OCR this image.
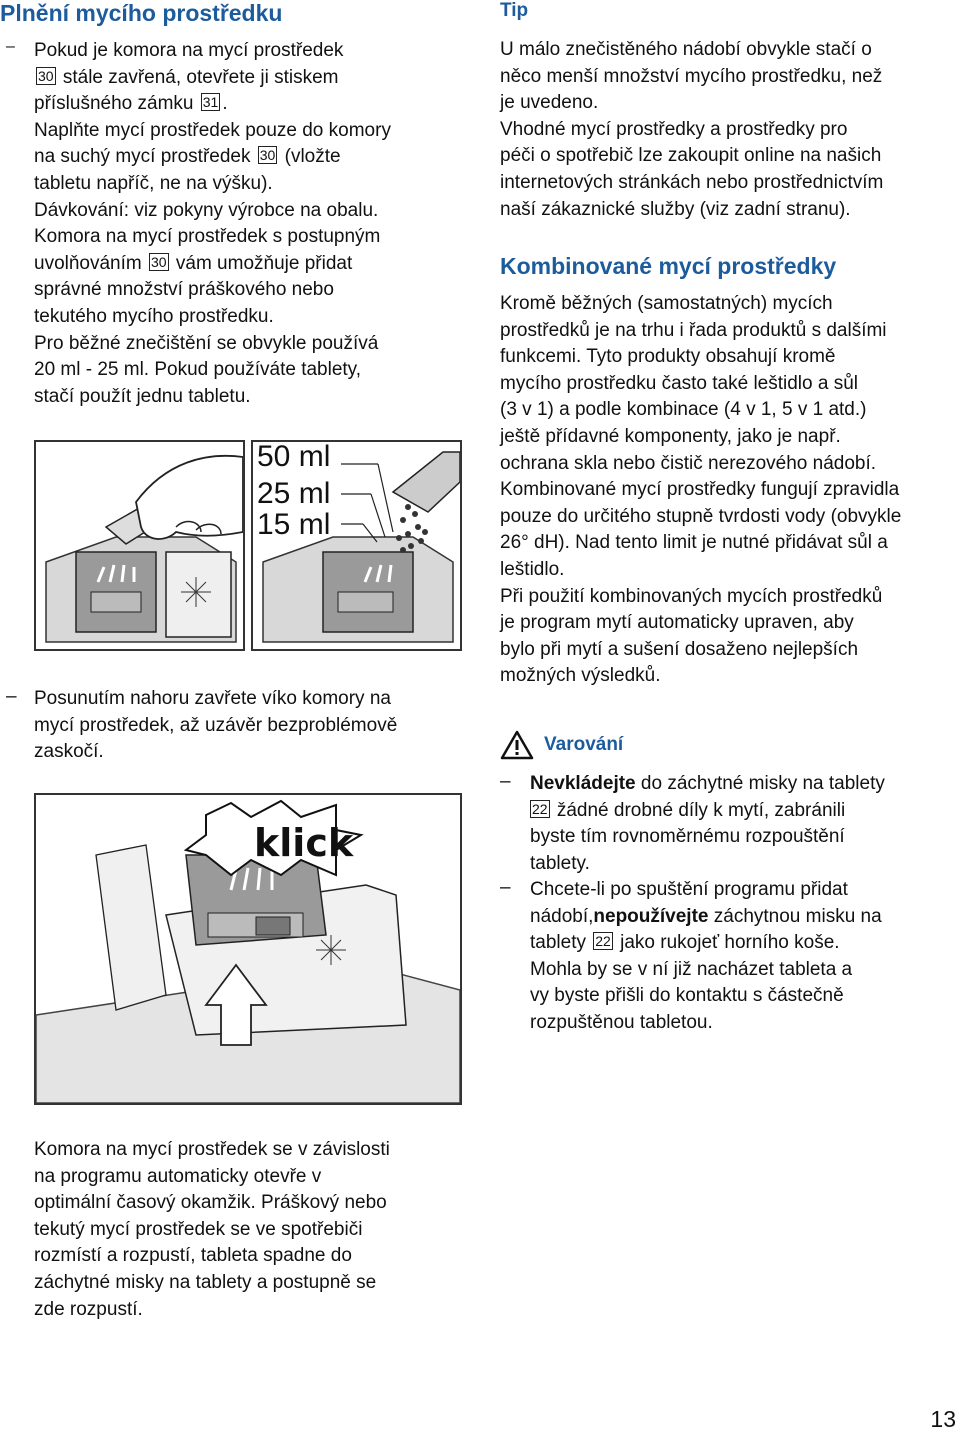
Plnění mycího prostředku
– Pokud je komora na mycí prostředek

30 stále zavřená, otevřete ji stiskem

příslušného zámku 31 .

Naplňte mycí prostředek pouze do komory

na suchý mycí prostředek 30 (vložte

tabletu napříč, ne na výšku).

Dávkování: viz pokyny výrobce na obalu.

Komora na mycí prostředek s postupným

uvolňováním 30 vám umožňuje přidat

správné množství práškového nebo

tekutého mycího prostředku.

Pro běžné znečištění se obvykle používá

20 ml - 25 ml. Pokud používáte tablety,

stačí použít jednu tabletu.

50 ml
25 ml
15 ml
– Posunutím nahoru zavřete víko komory na

mycí prostředek, až uzávěr bezproblémově

zaskočí.

klick

Komora na mycí prostředek se v závislosti

na programu automaticky otevře v

optimální časový okamžik. Práškový nebo

tekutý mycí prostředek se ve spotřebiči

rozmístí a rozpustí, tableta spadne do

záchytné misky na tablety a postupně se

zde rozpustí.

Tip

U málo znečistěného nádobí obvykle stačí o

něco menší množství mycího prostředku, než

je uvedeno.

Vhodné mycí prostředky a prostředky pro

péči o spotřebič lze zakoupit online na našich

internetových stránkách nebo prostřednictvím

naší zákaznické služby (viz zadní stranu).

Kombinované mycí prostředky

Kromě běžných (samostatných) mycích

prostředků je na trhu i řada produktů s dalšími

funkcemi. Tyto produkty obsahují kromě

mycího prostředku často také leštidlo a sůl

(3 v 1) a podle kombinace (4 v 1, 5 v 1 atd.)

ještě přídavné komponenty, jako je např.

ochrana skla nebo čistič nerezového nádobí.

Kombinované mycí prostředky fungují zpravidla

pouze do určitého stupně tvrdosti vody (obvykle

26° dH). Nad tento limit je nutné přidávat sůl a

leštidlo.

Při použití kombinovaných mycích prostředků

je program mytí automaticky upraven, aby

bylo při mytí a sušení dosaženo nejlepších

možných výsledků.

Varování
– Nevkládejte do záchytné misky na tablety

22 žádné drobné díly k mytí, zabránili

byste tím rovnoměrnému rozpouštění

tablety.

– Chcete-li po spuštění programu přidat

nádobí,nepoužívejte záchytnou misku na

tablety 22 jako rukojeť horního koše.

Mohla by se v ní již nacházet tableta a

vy byste přišli do kontaktu s částečně

rozpuštěnou tabletou.

13
